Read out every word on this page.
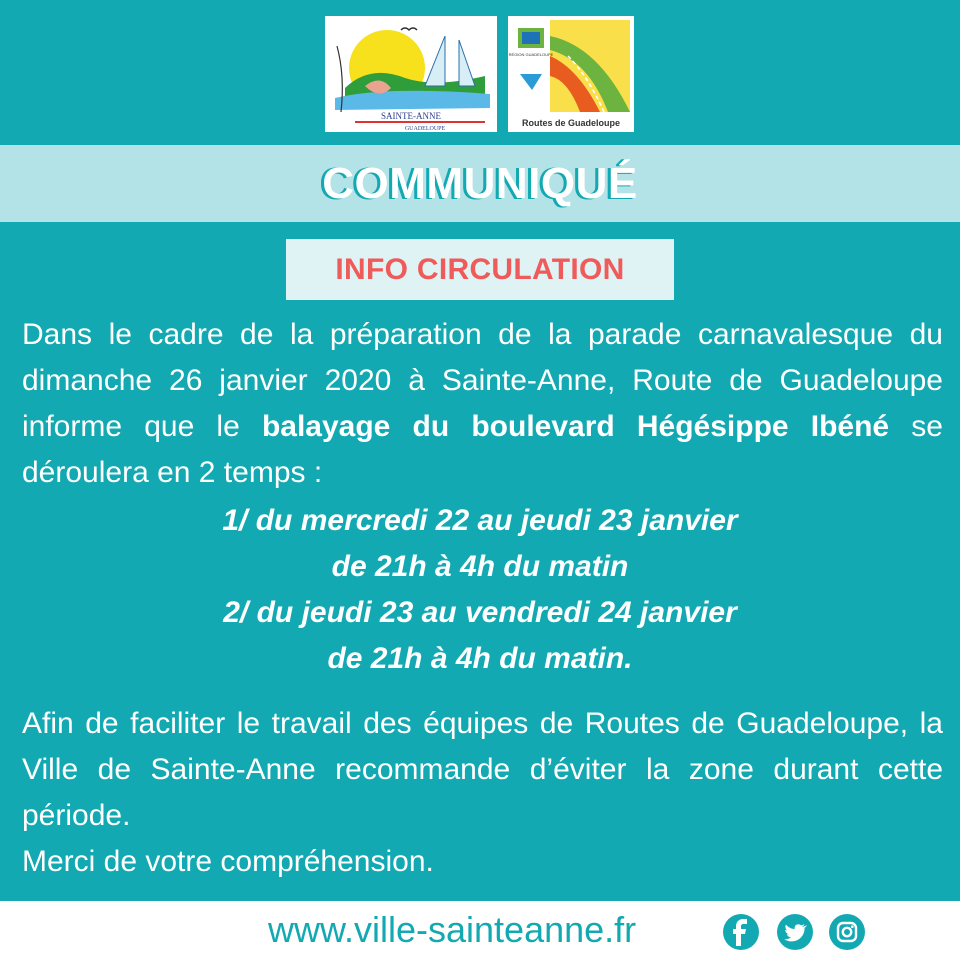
SAINTE-ANNE
GUADELOUPE
RÉGION GUADELOUPE
Routes de Guadeloupe
COMMUNIQUÉ
INFO CIRCULATION
Dans le cadre de la préparation de la parade carnavalesque du dimanche 26 janvier 2020 à Sainte-Anne, Route de Guadeloupe informe que le balayage du boulevard Hégésippe Ibéné se déroulera en 2 temps :
1/ du mercredi 22 au jeudi 23 janvier
de 21h à 4h du matin
2/ du jeudi 23 au vendredi 24 janvier
de 21h à 4h du matin.
Afin de faciliter le travail des équipes de Routes de Guadeloupe, la Ville de Sainte-Anne recommande d’éviter la zone durant cette période.
Merci de votre compréhension.
www.ville-sainteanne.fr
